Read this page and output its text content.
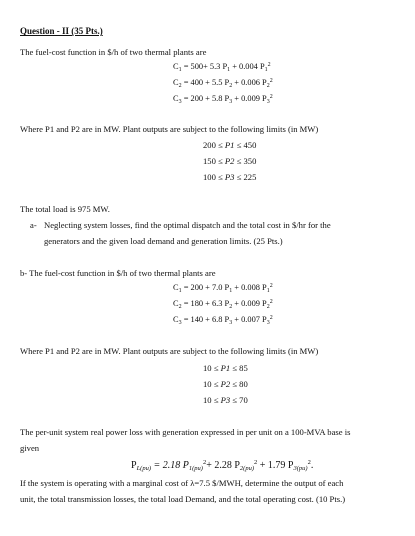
Question - II (35 Pts.)
The fuel-cost function in $/h of two thermal plants are
$C_1 = 500+ 5.3$ $P_1 + 0.004$ $P_1^2$
$C_2 = 400 + 5.5$ $P_2 + 0.006$ $P_2^2$
$C_3 = 200 + 5.8$ $P_3 + 0.009$ $P_3^2$
Where P1 and P2 are in MW. Plant outputs are subject to the following limits (in MW)
200 ≤ P1 ≤ 450
150 ≤ P2 ≤ 350
100 ≤ P3 ≤ 225
The total load is 975 MW.
a- Neglecting system losses, find the optimal dispatch and the total cost in $/hr for the
generators and the given load demand and generation limits. (25 Pts.)
b- The fuel-cost function in $/h of two thermal plants are
$C_1 = 200 + 7.0$ $P_1 + 0.008$ $P_1^2$
$C_2 = 180 + 6.3$ $P_2 + 0.009$ $P_2^2$
$C_3 = 140 + 6.8$ $P_3 + 0.007$ $P_3^2$
Where P1 and P2 are in MW. Plant outputs are subject to the following limits (in MW)
10 ≤ P1 ≤ 85
10 ≤ P2 ≤ 80
10 ≤ P3 ≤ 70
The per-unit system real power loss with generation expressed in per unit on a 100-MVA base is
given
$P_{L(pu)} = 2.18$ $P_{1(pu)}^2+ 2.28$ $P_{2(pu)}^2 + 1.79$ $P_{3(pu)}^2$.
If the system is operating with a marginal cost of λ=7.5 $/MWH, determine the output of each
unit, the total transmission losses, the total load Demand, and the total operating cost. (10 Pts.)
